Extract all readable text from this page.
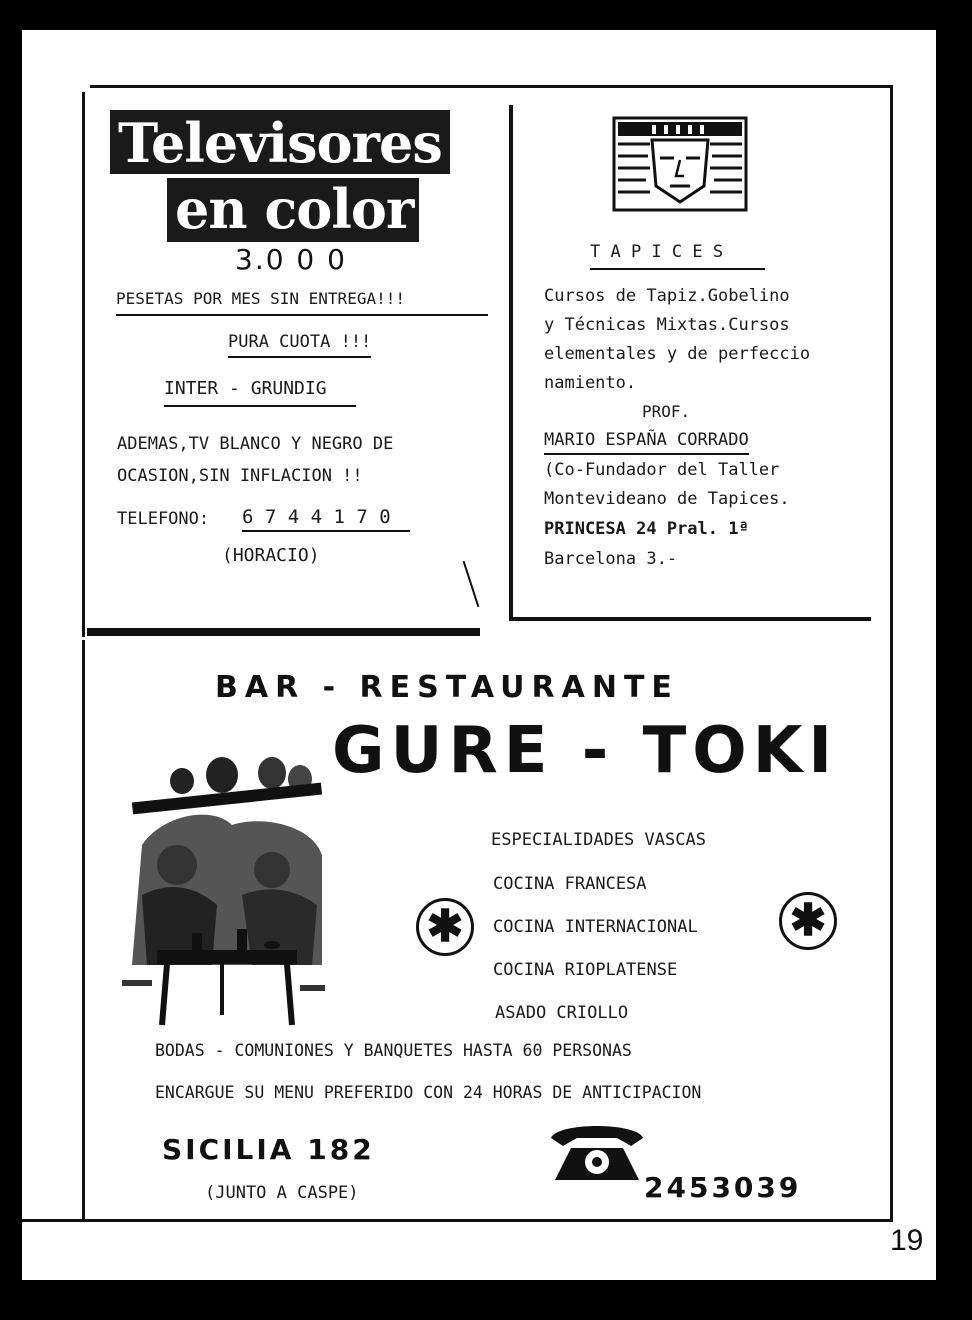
Televisores
en color
3.0 0 0
PESETAS POR MES SIN ENTREGA!!!
PURA CUOTA !!!
INTER - GRUNDIG
ADEMAS,TV BLANCO Y NEGRO DE
OCASION,SIN INFLACION !!
TELEFONO: 6 7 4 4 1 7 0
(HORACIO)
T A P I C E S
Cursos de Tapiz.Gobelino
y Técnicas Mixtas.Cursos
elementales y de perfeccio
namiento.
PROF.
MARIO ESPAÑA CORRADO
(Co-Fundador del Taller
Montevideano de Tapices.
PRINCESA 24 Pral. 1ª
Barcelona 3.-
BAR - RESTAURANTE
GURE - TOKI
✱	✱
ESPECIALIDADES VASCAS
COCINA FRANCESA
COCINA INTERNACIONAL
COCINA RIOPLATENSE
ASADO CRIOLLO
BODAS - COMUNIONES Y BANQUETES HASTA 60 PERSONAS
ENCARGUE SU MENU PREFERIDO CON 24 HORAS DE ANTICIPACION
SICILIA 182
(JUNTO A CASPE)	2453039
19
